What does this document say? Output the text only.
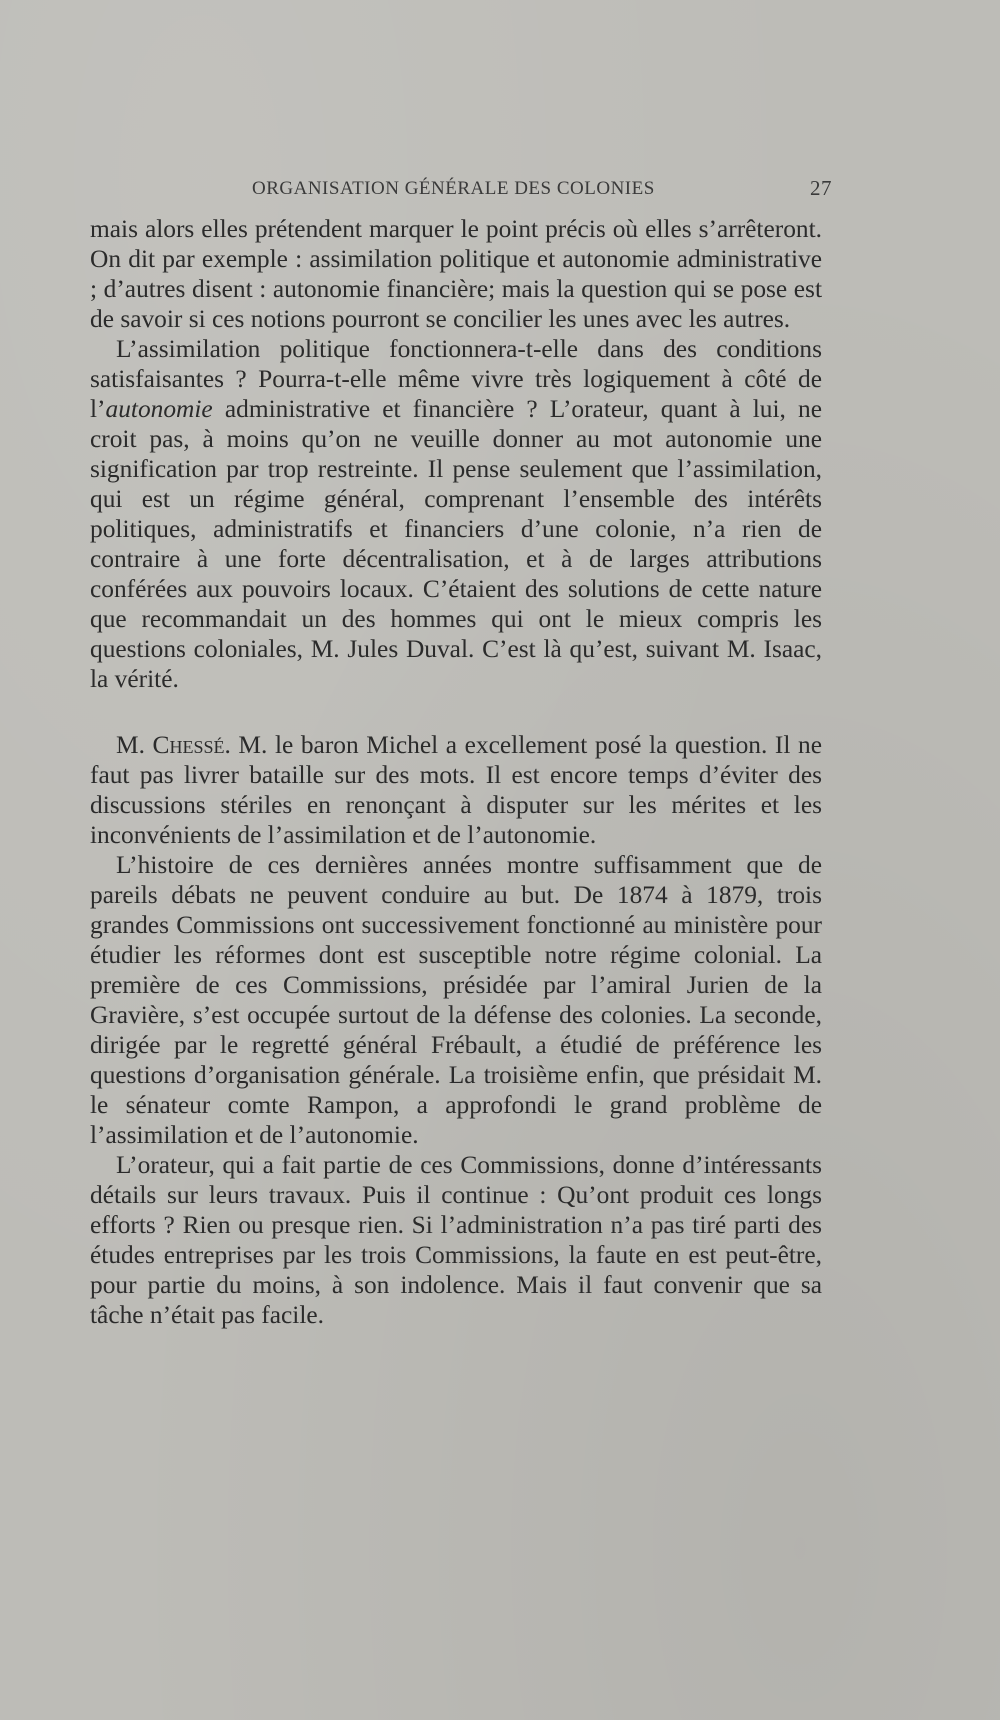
ORGANISATION GÉNÉRALE DES COLONIES	27

mais alors elles prétendent marquer le point précis où elles s’arrêteront. On dit par exemple : assimilation politique et autonomie administrative ; d’autres disent : autonomie financière; mais la question qui se pose est de savoir si ces notions pourront se concilier les unes avec les autres.

L’assimilation politique fonctionnera-t-elle dans des conditions satisfaisantes ? Pourra-t-elle même vivre très logiquement à côté de l’autonomie administrative et financière ? L’orateur, quant à lui, ne croit pas, à moins qu’on ne veuille donner au mot autonomie une signification par trop restreinte. Il pense seulement que l’assimilation, qui est un régime général, comprenant l’ensemble des intérêts politiques, administratifs et financiers d’une colonie, n’a rien de contraire à une forte décentralisation, et à de larges attributions conférées aux pouvoirs locaux. C’étaient des solutions de cette nature que recommandait un des hommes qui ont le mieux compris les questions coloniales, M. Jules Duval. C’est là qu’est, suivant M. Isaac, la vérité.

M. Chessé. M. le baron Michel a excellement posé la question. Il ne faut pas livrer bataille sur des mots. Il est encore temps d’éviter des discussions stériles en renonçant à disputer sur les mérites et les inconvénients de l’assimilation et de l’autonomie.

L’histoire de ces dernières années montre suffisamment que de pareils débats ne peuvent conduire au but. De 1874 à 1879, trois grandes Commissions ont successivement fonctionné au ministère pour étudier les réformes dont est susceptible notre régime colonial. La première de ces Commissions, présidée par l’amiral Jurien de la Gravière, s’est occupée surtout de la défense des colonies. La seconde, dirigée par le regretté général Frébault, a étudié de préférence les questions d’organisation générale. La troisième enfin, que présidait M. le sénateur comte Rampon, a approfondi le grand problème de l’assimilation et de l’autonomie.

L’orateur, qui a fait partie de ces Commissions, donne d’intéressants détails sur leurs travaux. Puis il continue : Qu’ont produit ces longs efforts ? Rien ou presque rien. Si l’administration n’a pas tiré parti des études entreprises par les trois Commissions, la faute en est peut-être, pour partie du moins, à son indolence. Mais il faut convenir que sa tâche n’était pas facile.
